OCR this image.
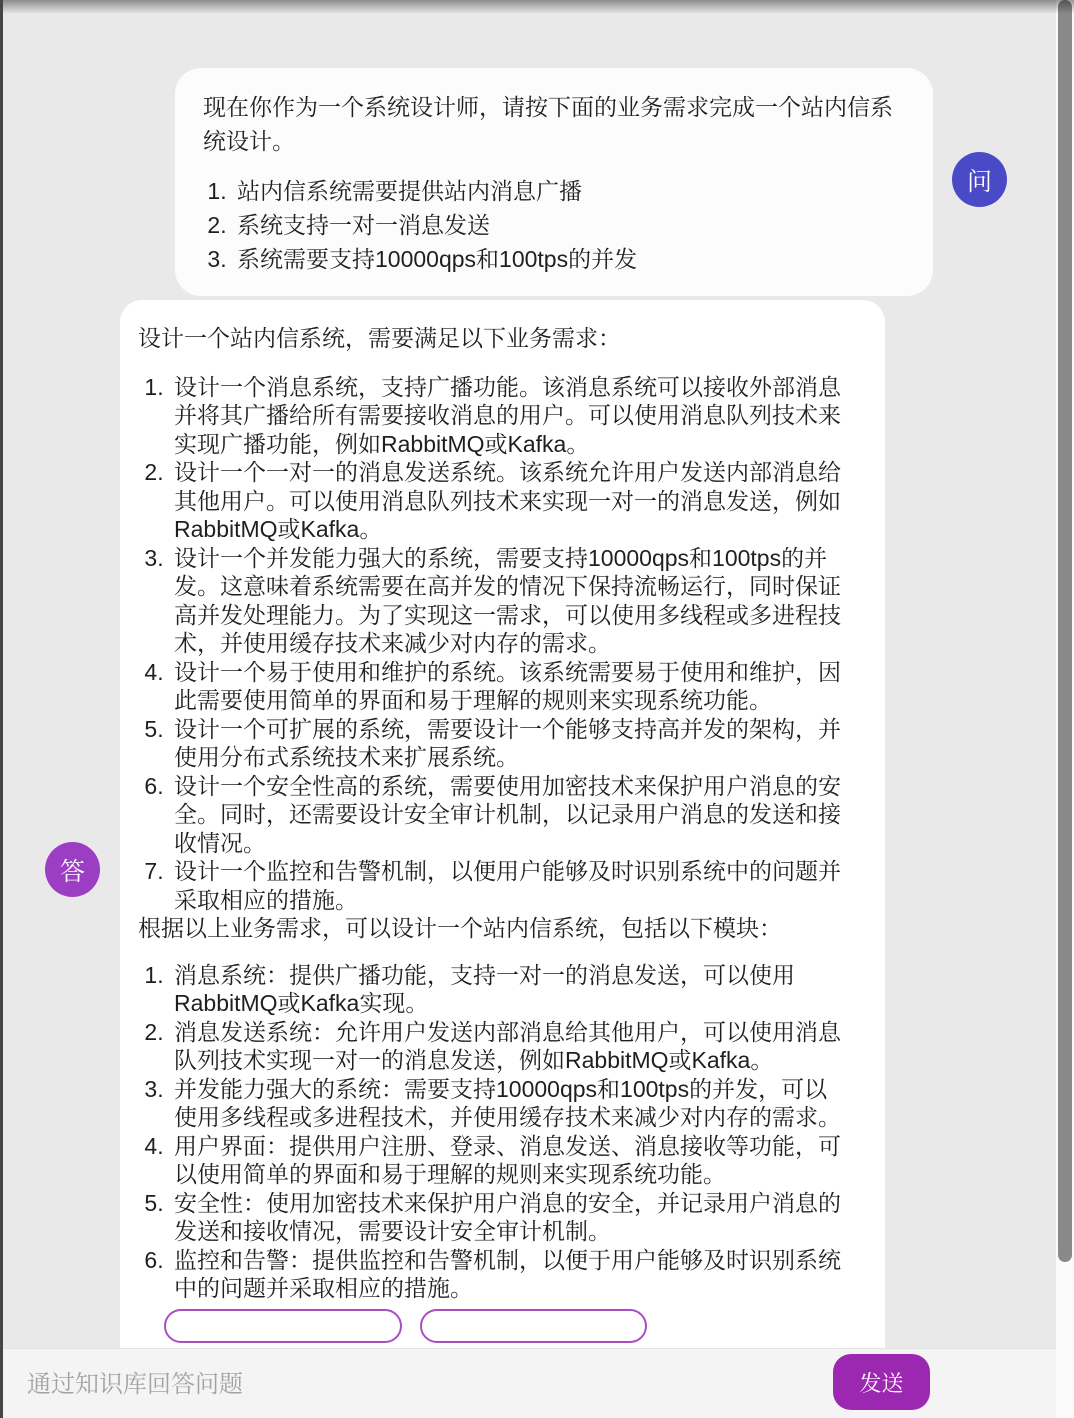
现在你作为一个系统设计师，请按下面的业务需求完成一个站内信系统设计。

1. 站内信系统需要提供站内消息广播
2. 系统支持一对一消息发送
3. 系统需要支持10000qps和100tps的并发
问

设计一个站内信系统，需要满足以下业务需求：

1. 设计一个消息系统，支持广播功能。该消息系统可以接收外部消息并将其广播给所有需要接收消息的用户。可以使用消息队列技术来实现广播功能，例如RabbitMQ或Kafka。
2. 设计一个一对一的消息发送系统。该系统允许用户发送内部消息给其他用户。可以使用消息队列技术来实现一对一的消息发送，例如RabbitMQ或Kafka。
3. 设计一个并发能力强大的系统，需要支持10000qps和100tps的并发。这意味着系统需要在高并发的情况下保持流畅运行，同时保证高并发处理能力。为了实现这一需求，可以使用多线程或多进程技术，并使用缓存技术来减少对内存的需求。
4. 设计一个易于使用和维护的系统。该系统需要易于使用和维护，因此需要使用简单的界面和易于理解的规则来实现系统功能。
5. 设计一个可扩展的系统，需要设计一个能够支持高并发的架构，并使用分布式系统技术来扩展系统。
6. 设计一个安全性高的系统，需要使用加密技术来保护用户消息的安全。同时，还需要设计安全审计机制，以记录用户消息的发送和接收情况。
7. 设计一个监控和告警机制，以便用户能够及时识别系统中的问题并采取相应的措施。

根据以上业务需求，可以设计一个站内信系统，包括以下模块：

1. 消息系统：提供广播功能，支持一对一的消息发送，可以使用RabbitMQ或Kafka实现。
2. 消息发送系统：允许用户发送内部消息给其他用户，可以使用消息队列技术实现一对一的消息发送，例如RabbitMQ或Kafka。
3. 并发能力强大的系统：需要支持10000qps和100tps的并发，可以使用多线程或多进程技术，并使用缓存技术来减少对内存的需求。
4. 用户界面：提供用户注册、登录、消息发送、消息接收等功能，可以使用简单的界面和易于理解的规则来实现系统功能。
5. 安全性：使用加密技术来保护用户消息的安全，并记录用户消息的发送和接收情况，需要设计安全审计机制。
6. 监控和告警：提供监控和告警机制，以便于用户能够及时识别系统中的问题并采取相应的措施。
答
通过知识库回答问题
发送
